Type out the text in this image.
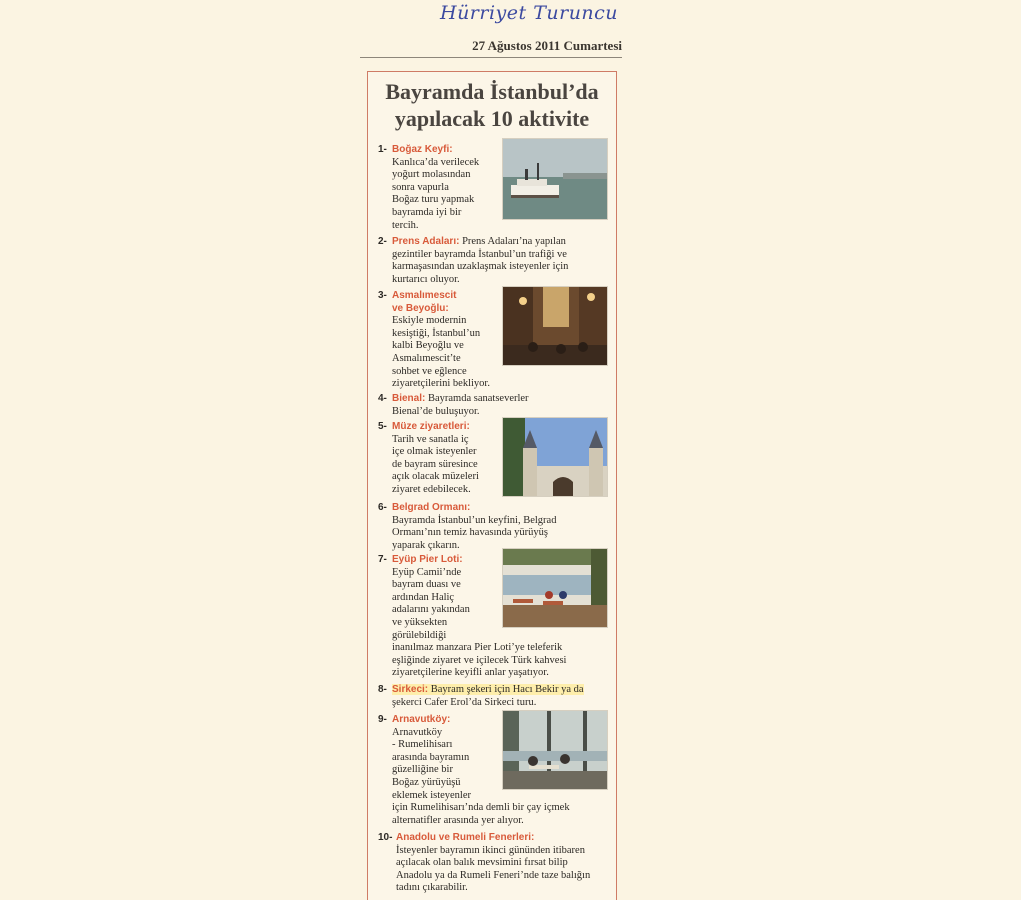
Hürriyet Turuncu
27 Ağustos 2011 Cumartesi
Bayramda İstanbul’da
yapılacak 10 aktivite
1- Boğaz Keyfi:
Kanlıca’da verilecek
yoğurt molasından
sonra vapurla
Boğaz turu yapmak
bayramda iyi bir
tercih.
2- Prens Adaları: Prens Adaları’na yapılan
gezintiler bayramda İstanbul’un trafiği ve
karmaşasından uzaklaşmak isteyenler için
kurtarıcı oluyor.
3- Asmalımescit
ve Beyoğlu:
Eskiyle modernin
kesiştiği, İstanbul’un
kalbi Beyoğlu ve
Asmalımescit’te
sohbet ve eğlence
ziyaretçilerini bekliyor.
4- Bienal: Bayramda sanatseverler
Bienal’de buluşuyor.
5- Müze ziyaretleri:
Tarih ve sanatla iç
içe olmak isteyenler
de bayram süresince
açık olacak müzeleri
ziyaret edebilecek.
6- Belgrad Ormanı:
Bayramda İstanbul’un keyfini, Belgrad
Ormanı’nın temiz havasında yürüyüş
yaparak çıkarın.
7- Eyüp Pier Loti:
Eyüp Camii’nde
bayram duası ve
ardından Haliç
adalarını yakından
ve yüksekten
görülebildiği
inanılmaz manzara Pier Loti’ye teleferik
eşliğinde ziyaret ve içilecek Türk kahvesi
ziyaretçilerine keyifli anlar yaşatıyor.
8- Sirkeci: Bayram şekeri için Hacı Bekir ya da
şekerci Cafer Erol’da Sirkeci turu.
9- Arnavutköy:
Arnavutköy
- Rumelihisarı
arasında bayramın
güzelliğine bir
Boğaz yürüyüşü
eklemek isteyenler
için Rumelihisarı’nda demli bir çay içmek
alternatifler arasında yer alıyor.
10- Anadolu ve Rumeli Fenerleri:
İsteyenler bayramın ikinci gününden itibaren
açılacak olan balık mevsimini fırsat bilip
Anadolu ya da Rumeli Feneri’nde taze balığın
tadını çıkarabilir.
